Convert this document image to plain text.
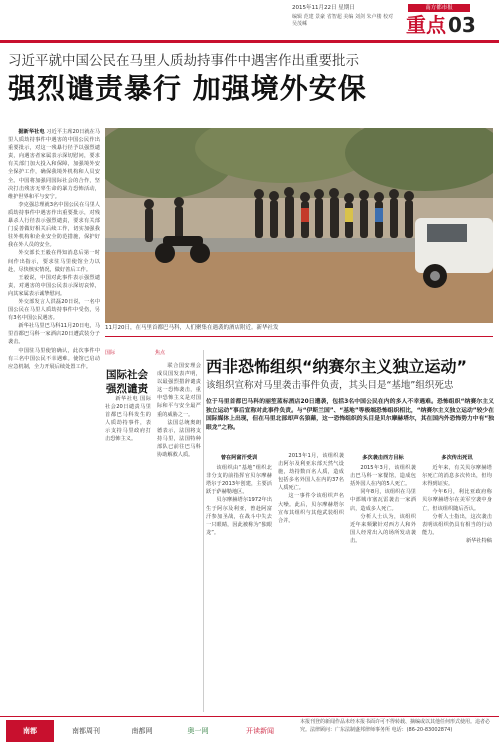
2015年11月22日 星期日
编辑 范建 景豪 省智超 美编 刘剑 朱卢楼 校对 吴茂嵊
南方都市报
重点 03
习近平就中国公民在马里人质劫持事件中遇害作出重要批示
强烈谴责暴行 加强境外安保

据新华社电 习近平主席20日就在马里人质劫持事件中遇害的中国公民作出重要批示，对这一残暴行径予以强烈谴责，向遇害者家属表示深切慰问，要求有关部门加大投入和保障，加强境外安全保护工作，确保我境外机构和人员安全。中国将加强同国际社会的合作，坚决打击残害无辜生命的暴力恐怖活动，维护世界和平与安宁。

李克强总理就3名中国公民在马里人质劫持事件中遇害作出重要批示，对残暴杀人行径表示强烈谴责，要求有关部门妥善做好相关后续工作，切实加强我驻外机构和企业安全防范措施，保护好我在外人员的安全。

外交部长王毅在得知消息后第一时间作出指示，要求驻马里使馆全力以赴，尽快核实情况，做好善后工作。

王毅说，中国对此事件表示强烈谴责，对遇害的中国公民表示深切哀悼，向其家属表示诚挚慰问。

外交部发言人洪磊20日说，一名中国公民在马里人质劫持事件中受伤，另有3名中国公民遇害。

新华社马里巴马科11月20日电，马里首都巴马科一家酒店20日遭武装分子袭击。

中国驻马里使馆确认，此次事件中有三名中国公民不幸遇难。使馆已启动应急机制，全力开展后续处置工作。

11月20日，在马里首都巴马科，人们聚集在遇袭的酒店附近。新华社发
国际	焦点
国际社会强烈谴责

新华社电 国际社会20日谴责马里首都巴马科发生的人质劫持事件，表示支持马里政府打击恐怖主义。

联合国安理会成员国发表声明，以最强烈措辞谴责这一恐怖袭击，重申恐怖主义是对国际和平与安全最严重的威胁之一。

法国总统奥朗德表示，法国将支持马里，法国特种部队已前往巴马科协助解救人质。

西非恐怖组织“纳赛尔主义独立运动”
该组织宣称对马里袭击事件负责，其头目是“基地”组织死忠
位于马里首都巴马科的丽笙蓝标酒店20日遭袭，包括3名中国公民在内的多人不幸遇难。恐怖组织“纳赛尔主义独立运动”事后宣称对此事件负责。与“伊斯兰国”、“基地”等极端恐怖组织相比，“纳赛尔主义独立运动”较少在国际媒体上出现，但在马里北部却声名狼藉，这一恐怖组织的头目是贝尔摩赫塔尔，其在国内外恐怖势力中有“独眼龙”之称。

曾在阿富汗受训

该组织由“基地”组织北非分支的前指挥官贝尔摩赫塔尔于2013年创建，主要活跃于萨赫勒地区。

贝尔摩赫塔尔1972年出生于阿尔及利亚，曾赴阿富汗参加圣战，在战斗中失去一只眼睛，因此被称为“独眼龙”。

2013年1月，该组织袭击阿尔及利亚东部天然气设施，劫持数百名人质，造成包括多名外国人在内的37名人质死亡。

这一事件令该组织声名大噪。此后，贝尔摩赫塔尔宣布其组织与其他武装组织合并。

多次袭击西方目标

2015年3月，该组织袭击巴马科一家餐馆，造成包括外国人在内的5人死亡。

同年8月，该组织在马里中部城市塞瓦雷袭击一家酒店，造成多人死亡。

分析人士认为，该组织近年来频繁针对西方人和外国人经常出入的场所发动袭击。

多次传出死讯

近年来，有关贝尔摩赫塔尔死亡的消息多次传出，但均未得到证实。

今年6月，利比亚政府称贝尔摩赫塔尔在美军空袭中身亡，但该组织随后否认。

分析人士指出，这次袭击表明该组织仍具有相当的行动能力。

新华社特稿

南都	南都周刊	南都网	奥一网	开读新闻
本报刊登的新闻作品未经本报书面许可不得转载、摘编或以其他任何形式使用。违者必究。法律顾问：广东法制盛邦律师事务所 电话：(86-20-83002874)
